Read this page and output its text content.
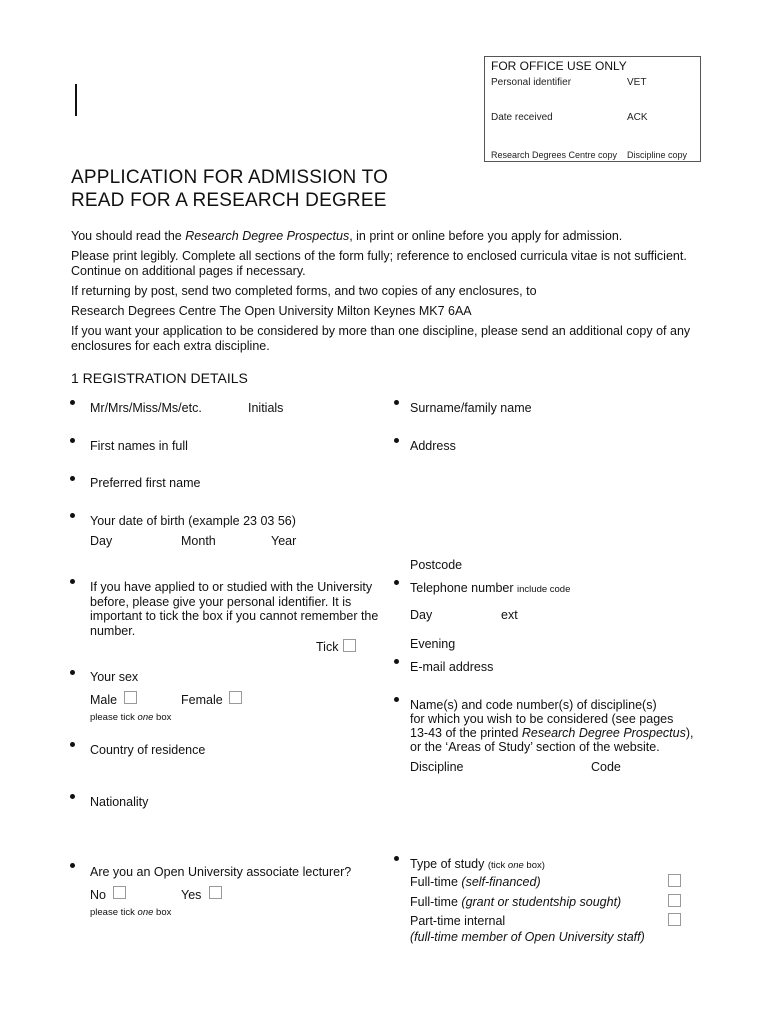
FOR OFFICE USE ONLY
Personal identifier	VET
Date received	ACK
Research Degrees Centre copy Discipline copy
APPLICATION FOR ADMISSION TO
READ FOR A RESEARCH DEGREE
You should read the Research Degree Prospectus, in print or online before you apply for admission.
Please print legibly. Complete all sections of the form fully; reference to enclosed curricula vitae is not sufficient. Continue on additional pages if necessary.
If returning by post, send two completed forms, and two copies of any enclosures, to
Research Degrees Centre The Open University Milton Keynes MK7 6AA
If you want your application to be considered by more than one discipline, please send an additional copy of any enclosures for each extra discipline.
1 REGISTRATION DETAILS
Mr/Mrs/Miss/Ms/etc.	Initials
First names in full
Preferred first name
Your date of birth (example 23 03 56)
Day	Month	Year
If you have applied to or studied with the University before, please give your personal identifier. It is important to tick the box if you cannot remember the number.
Tick
Your sex
Male	Female
please tick one box
Country of residence
Nationality
Are you an Open University associate lecturer?
No	Yes
please tick one box
Surname/family name
Address
Postcode
Telephone number include code
Day	ext
Evening
E-mail address
Name(s) and code number(s) of discipline(s)
for which you wish to be considered (see pages
13-43 of the printed Research Degree Prospectus),
or the ‘Areas of Study’ section of the website.
Discipline	Code
Type of study (tick one box)
Full-time (self-financed)
Full-time (grant or studentship sought)
Part-time internal
(full-time member of Open University staff)
